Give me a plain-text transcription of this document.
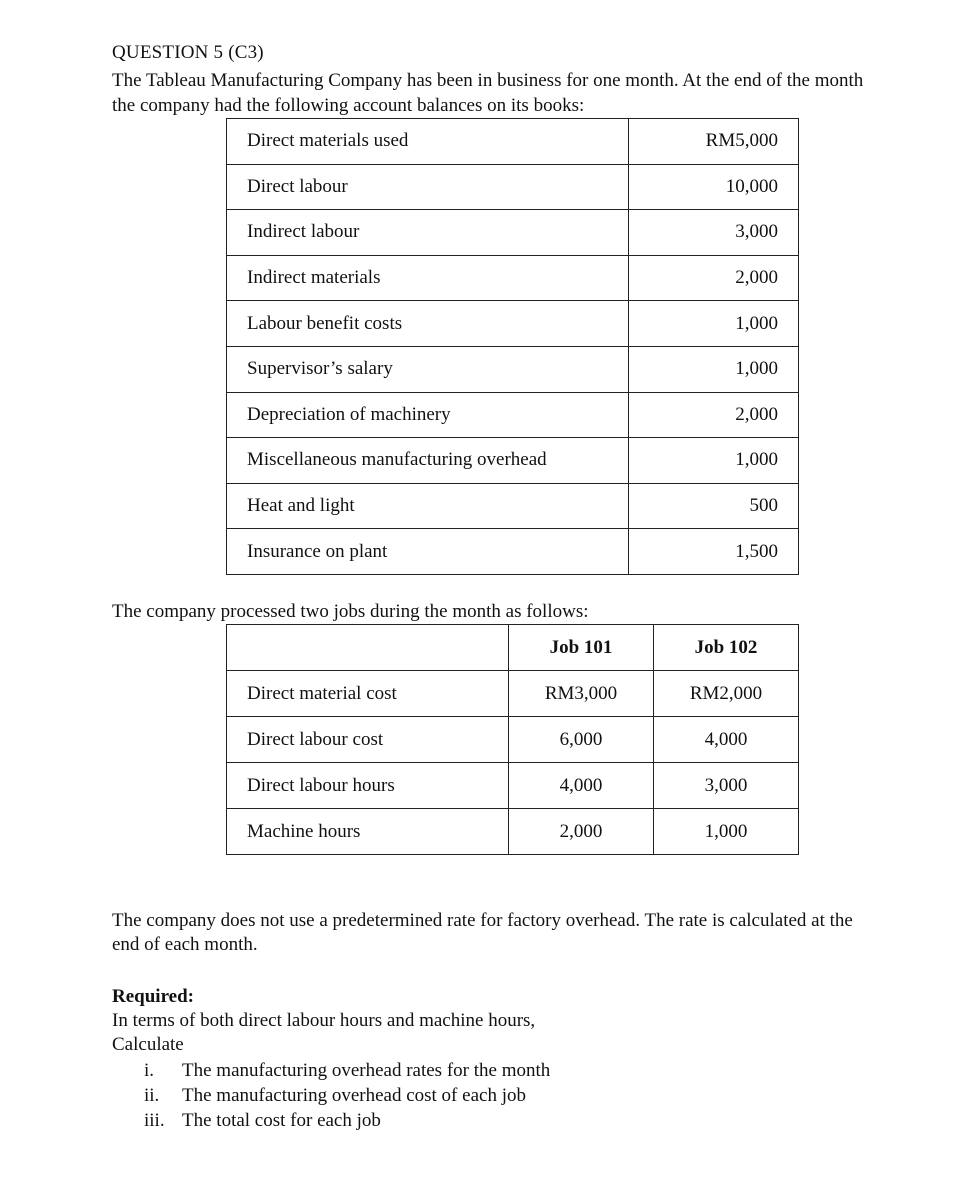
QUESTION 5 (C3)

The Tableau Manufacturing Company has been in business for one month. At the end of the month
the company had the following account balances on its books:

Direct materials used	RM5,000
Direct labour	10,000
Indirect labour	3,000
Indirect materials	2,000
Labour benefit costs	1,000
Supervisor’s salary	1,000
Depreciation of machinery	2,000
Miscellaneous manufacturing overhead	1,000
Heat and light	500
Insurance on plant	1,500
The company processed two jobs during the month as follows:
	Job 101	Job 102
Direct material cost	RM3,000	RM2,000
Direct labour cost	6,000	4,000
Direct labour hours	4,000	3,000
Machine hours	2,000	1,000

The company does not use a predetermined rate for factory overhead. The rate is calculated at the
end of each month.

Required:
In terms of both direct labour hours and machine hours,
Calculate
i. The manufacturing overhead rates for the month
ii. The manufacturing overhead cost of each job
iii. The total cost for each job
